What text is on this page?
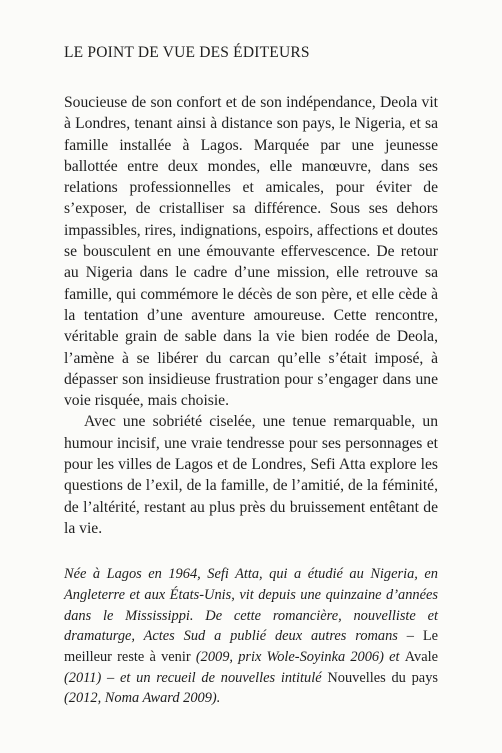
LE POINT DE VUE DES ÉDITEURS

Soucieuse de son confort et de son indépendance, Deola vit à Londres, tenant ainsi à distance son pays, le Nigeria, et sa famille installée à Lagos. Marquée par une jeunesse ballottée entre deux mondes, elle manœuvre, dans ses relations professionnelles et amicales, pour éviter de s’exposer, de cristalliser sa différence. Sous ses dehors impassibles, rires, indignations, espoirs, affections et doutes se bousculent en une émouvante effervescence. De retour au Nigeria dans le cadre d’une mission, elle retrouve sa famille, qui commémore le décès de son père, et elle cède à la tentation d’une aventure amoureuse. Cette rencontre, véritable grain de sable dans la vie bien rodée de Deola, l’amène à se libérer du carcan qu’elle s’était imposé, à dépasser son insidieuse frustration pour s’engager dans une voie risquée, mais choisie.

Avec une sobriété ciselée, une tenue remarquable, un humour incisif, une vraie tendresse pour ses personnages et pour les villes de Lagos et de Londres, Sefi Atta explore les questions de l’exil, de la famille, de l’amitié, de la féminité, de l’altérité, restant au plus près du bruissement entêtant de la vie.

Née à Lagos en 1964, Sefi Atta, qui a étudié au Nigeria, en Angleterre et aux États-Unis, vit depuis une quinzaine d’années dans le Mississippi. De cette romancière, nouvelliste et dramaturge, Actes Sud a publié deux autres romans – Le meilleur reste à venir (2009, prix Wole-Soyinka 2006) et Avale (2011) – et un recueil de nouvelles intitulé Nouvelles du pays (2012, Noma Award 2009).
